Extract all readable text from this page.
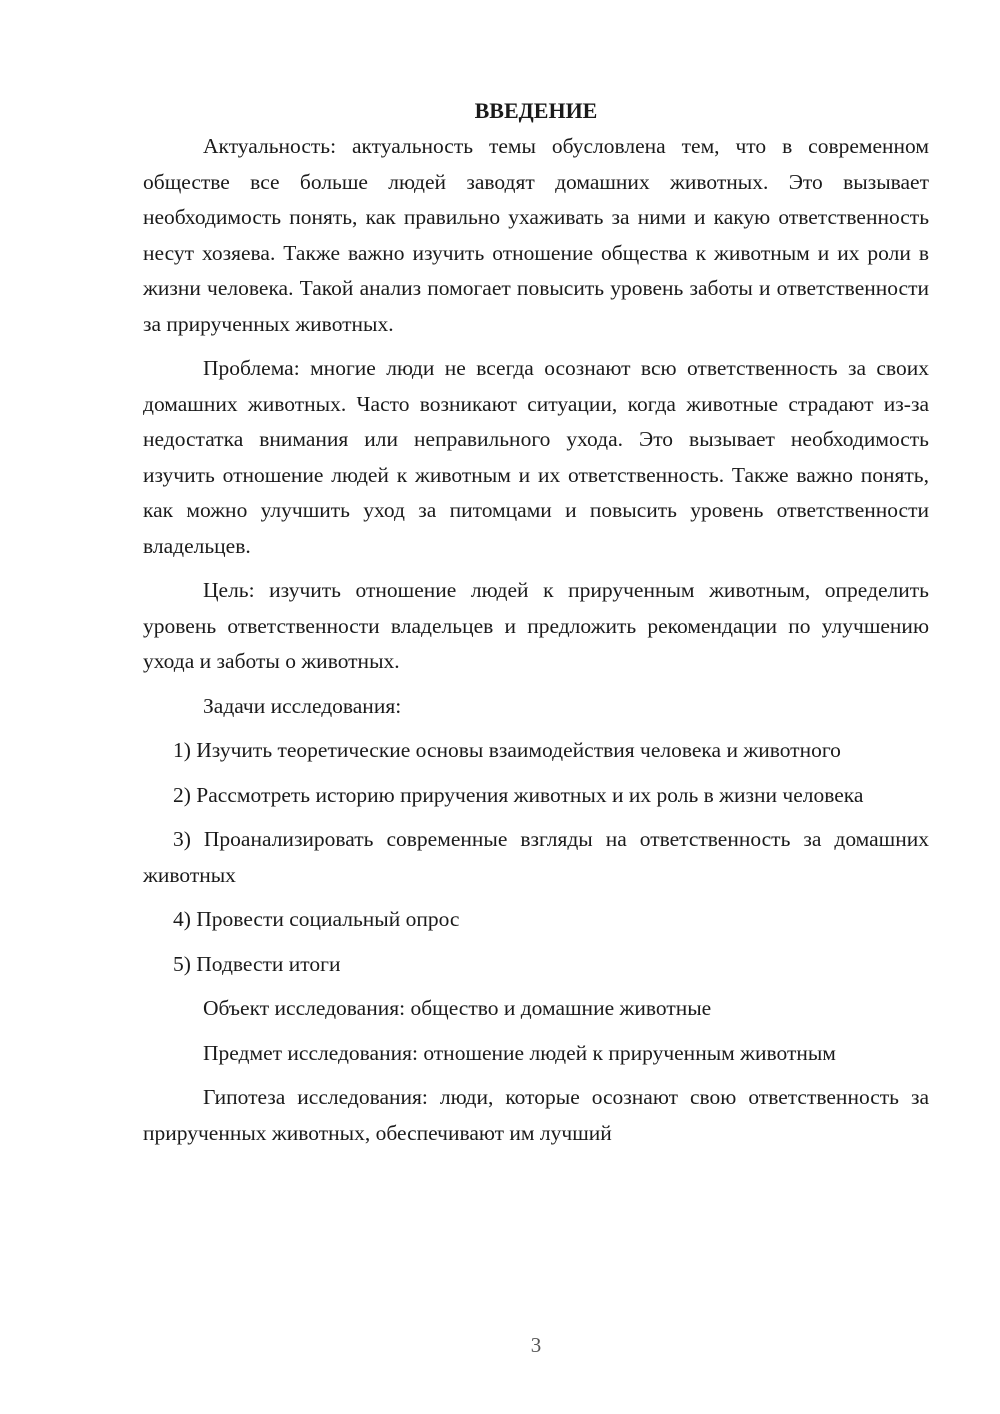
ВВЕДЕНИЕ

Актуальность: актуальность темы обусловлена тем, что в современном обществе все больше людей заводят домашних животных. Это вызывает необходимость понять, как правильно ухаживать за ними и какую ответственность несут хозяева. Также важно изучить отношение общества к животным и их роли в жизни человека. Такой анализ помогает повысить уровень заботы и ответственности за прирученных животных.

Проблема: многие люди не всегда осознают всю ответственность за своих домашних животных. Часто возникают ситуации, когда животные страдают из-за недостатка внимания или неправильного ухода. Это вызывает необходимость изучить отношение людей к животным и их ответственность. Также важно понять, как можно улучшить уход за питомцами и повысить уровень ответственности владельцев.

Цель: изучить отношение людей к прирученным животным, определить уровень ответственности владельцев и предложить рекомендации по улучшению ухода и заботы о животных.

Задачи исследования:

1) Изучить теоретические основы взаимодействия человека и животного

2) Рассмотреть историю приручения животных и их роль в жизни человека

3) Проанализировать современные взгляды на ответственность за домашних животных

4) Провести социальный опрос

5) Подвести итоги

Объект исследования: общество и домашние животные

Предмет исследования: отношение людей к прирученным животным

Гипотеза исследования: люди, которые осознают свою ответственность за прирученных животных, обеспечивают им лучший

3
